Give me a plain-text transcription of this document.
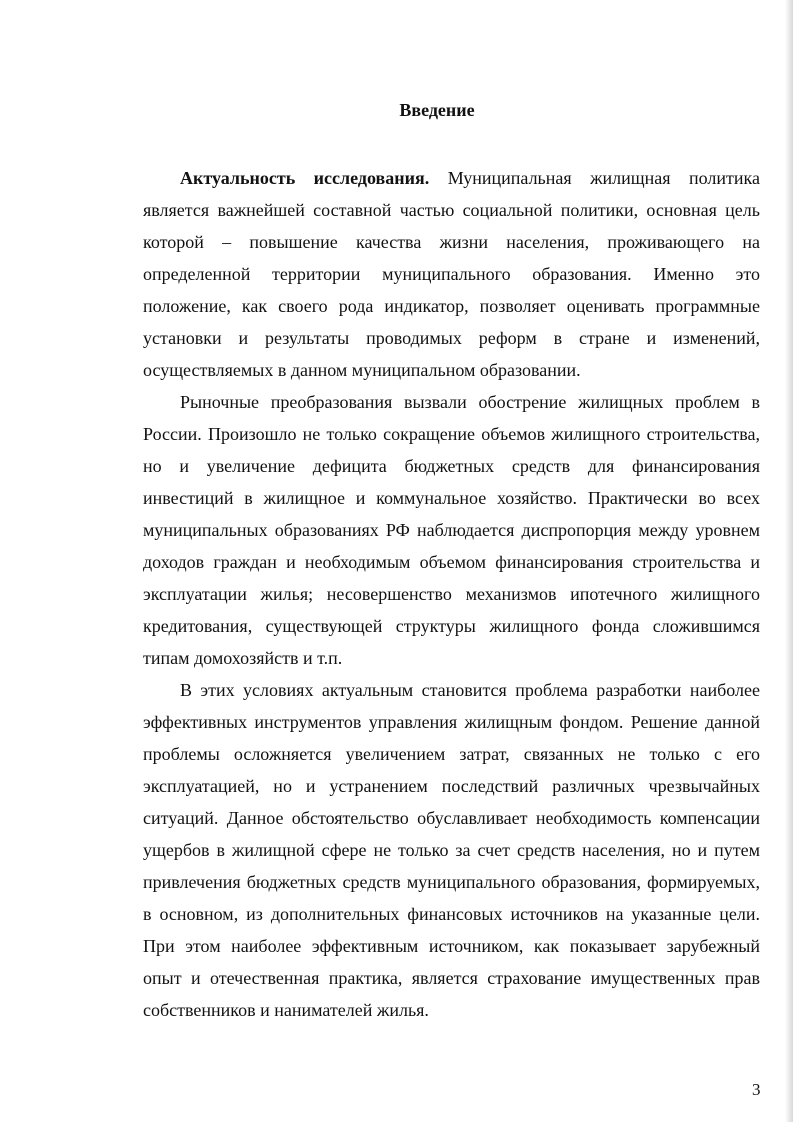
Введение
Актуальность исследования. Муниципальная жилищная политика
является важнейшей составной частью социальной политики, основная цель
которой – повышение качества жизни населения, проживающего на
определенной территории муниципального образования. Именно это
положение, как своего рода индикатор, позволяет оценивать программные
установки и результаты проводимых реформ в стране и изменений,
осуществляемых в данном муниципальном образовании.
Рыночные преобразования вызвали обострение жилищных проблем в
России. Произошло не только сокращение объемов жилищного строительства,
но и увеличение дефицита бюджетных средств для финансирования
инвестиций в жилищное и коммунальное хозяйство. Практически во всех
муниципальных образованиях РФ наблюдается диспропорция между уровнем
доходов граждан и необходимым объемом финансирования строительства и
эксплуатации жилья; несовершенство механизмов ипотечного жилищного
кредитования, существующей структуры жилищного фонда сложившимся
типам домохозяйств и т.п.
В этих условиях актуальным становится проблема разработки наиболее
эффективных инструментов управления жилищным фондом. Решение данной
проблемы осложняется увеличением затрат, связанных не только с его
эксплуатацией, но и устранением последствий различных чрезвычайных
ситуаций. Данное обстоятельство обуславливает необходимость компенсации
ущербов в жилищной сфере не только за счет средств населения, но и путем
привлечения бюджетных средств муниципального образования, формируемых,
в основном, из дополнительных финансовых источников на указанные цели.
При этом наиболее эффективным источником, как показывает зарубежный
опыт и отечественная практика, является страхование имущественных прав
собственников и нанимателей жилья.
3
